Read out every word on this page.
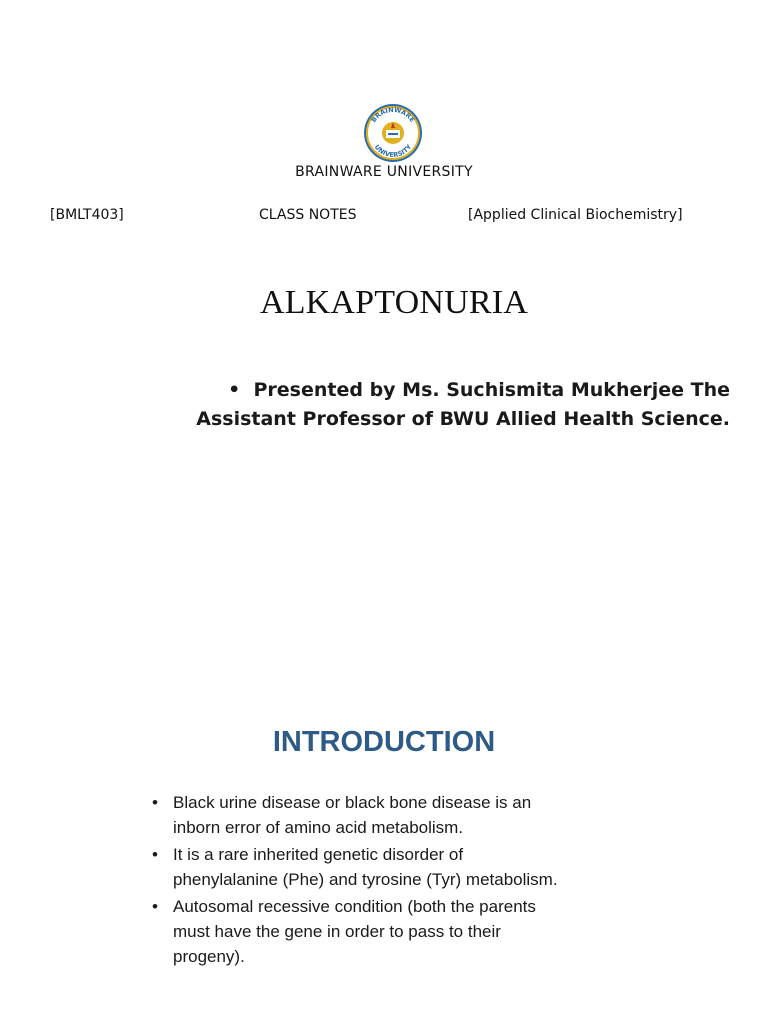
BRAINWARE
UNIVERSITY
BRAINWARE UNIVERSITY
[BMLT403]	CLASS NOTES	[Applied Clinical Biochemistry]
ALKAPTONURIA
• Presented by Ms. Suchismita Mukherjee The
Assistant Professor of BWU Allied Health Science.
INTRODUCTION
• Black urine disease or black bone disease is an
inborn error of amino acid metabolism.
• It is a rare inherited genetic disorder of
phenylalanine (Phe) and tyrosine (Tyr) metabolism.
• Autosomal recessive condition (both the parents
must have the gene in order to pass to their
progeny).
